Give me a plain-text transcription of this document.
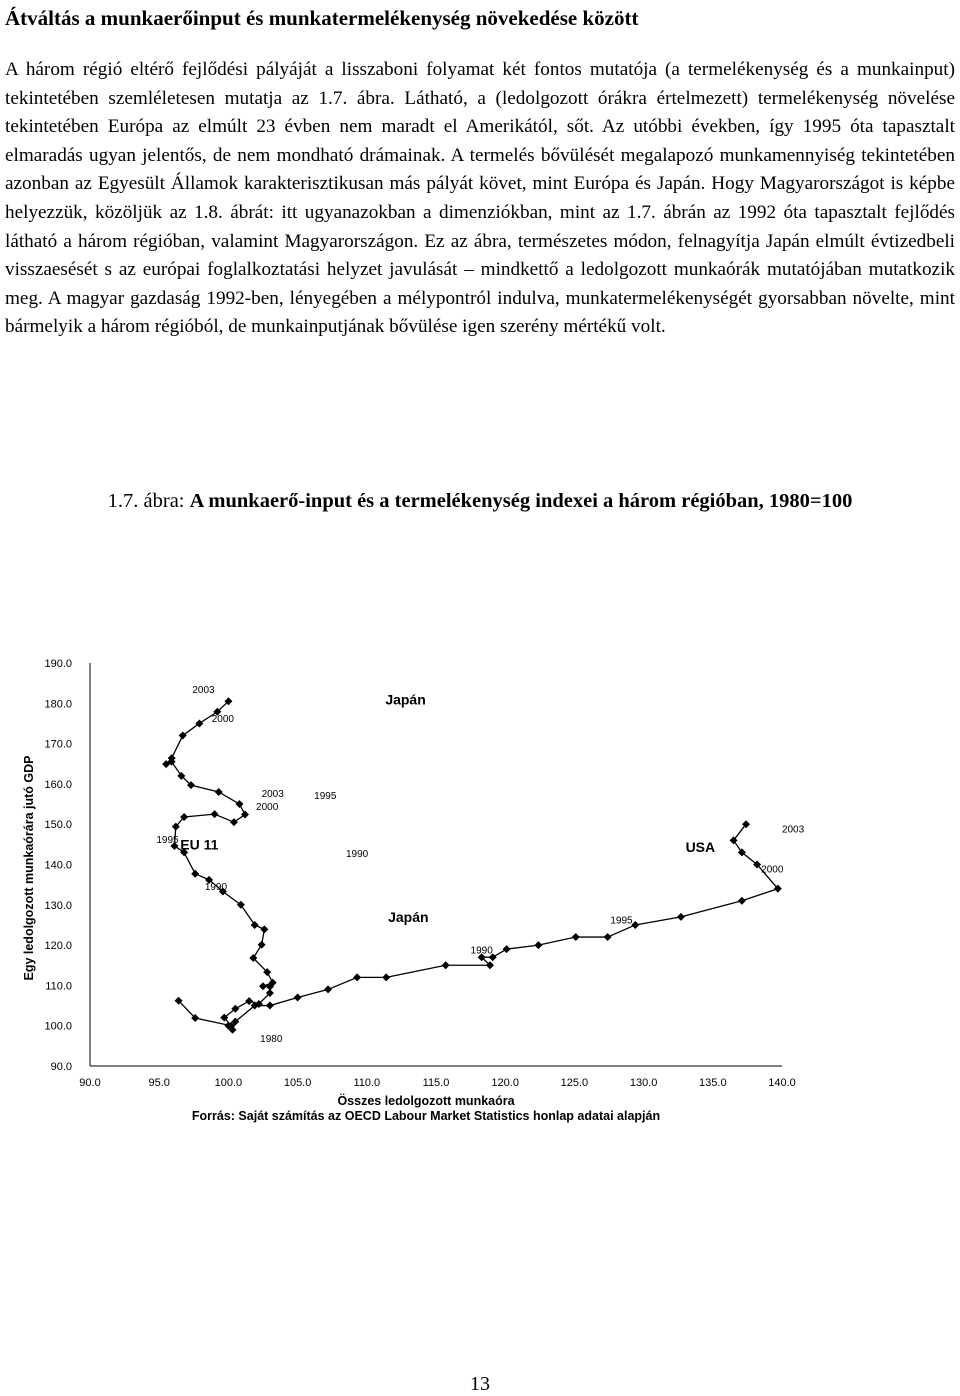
Átváltás a munkaerőinput és munkatermelékenység növekedése között

A három régió eltérő fejlődési pályáját a lisszaboni folyamat két fontos mutatója (a termelékenység és a munkainput) tekintetében szemléletesen mutatja az 1.7. ábra. Látható, a (ledolgozott órákra értelmezett) termelékenység növelése tekintetében Európa az elmúlt 23 évben nem maradt el Amerikától, sőt. Az utóbbi években, így 1995 óta tapasztalt elmaradás ugyan jelentős, de nem mondható drámainak. A termelés bővülését megalapozó munkamennyiség tekintetében azonban az Egyesült Államok karakterisztikusan más pályát követ, mint Európa és Japán. Hogy Magyarországot is képbe helyezzük, közöljük az 1.8. ábrát: itt ugyanazokban a dimenziókban, mint az 1.7. ábrán az 1992 óta tapasztalt fejlődés látható a három régióban, valamint Magyarországon. Ez az ábra, természetes módon, felnagyítja Japán elmúlt évtizedbeli visszaesését s az európai foglalkoztatási helyzet javulását – mindkettő a ledolgozott munkaórák mutatójában mutatkozik meg. A magyar gazdaság 1992-ben, lényegében a mélypontról indulva, munkatermelékenységét gyorsabban növelte, mint bármelyik a három régióból, de munkainputjának bővülése igen szerény mértékű volt.

1.7. ábra: A munkaerő-input és a termelékenység indexei a három régióban, 1980=100
90.0
100.0
110.0
120.0
130.0
140.0
150.0
160.0
170.0
180.0
190.0
90.0	95.0	100.0	105.0	110.0	115.0	120.0	125.0	130.0	135.0	140.0
2003
2000
2003
2000
1995
1995
1990
1990
1980
1990
1995
2003
2000
Japán
Japán
EU 11	USA
Japán
EU 11
Összes ledolgozott munkaóra
Egy ledolgozott munkaórára jutó GDP
Forrás: Saját számítás az OECD Labour Market Statistics honlap adatai alapján
13
